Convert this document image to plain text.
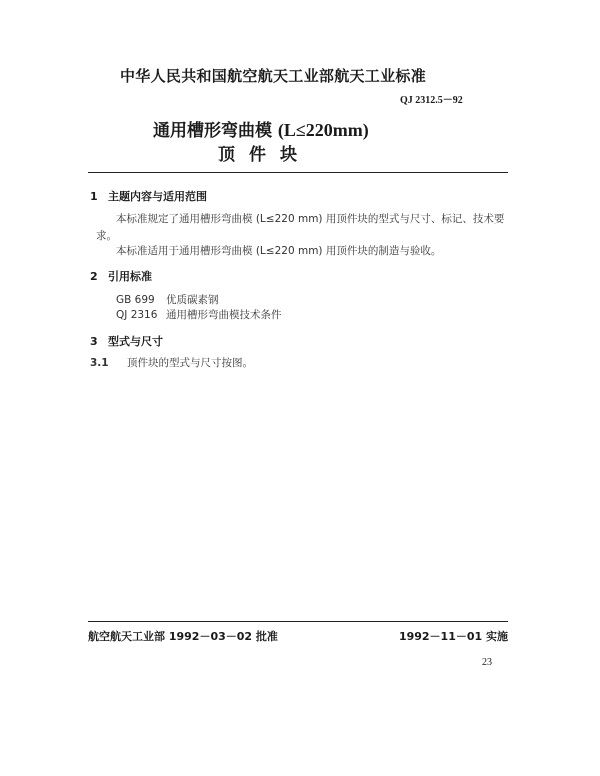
中华人民共和国航空航天工业部航天工业标准
QJ 2312.5－92
通用槽形弯曲模 (L≤220mm)
顶件块
1 主题内容与适用范围
本标准规定了通用槽形弯曲模 (L≤220 mm) 用顶件块的型式与尺寸、标记、技术要
求。
本标准适用于通用槽形弯曲模 (L≤220 mm) 用顶件块的制造与验收。
2 引用标准
GB 699 优质碳素钢
QJ 2316 通用槽形弯曲模技术条件
3 型式与尺寸
3.1 顶件块的型式与尺寸按图。
航空航天工业部 1992－03－02 批准	1992－11－01 实施
23
